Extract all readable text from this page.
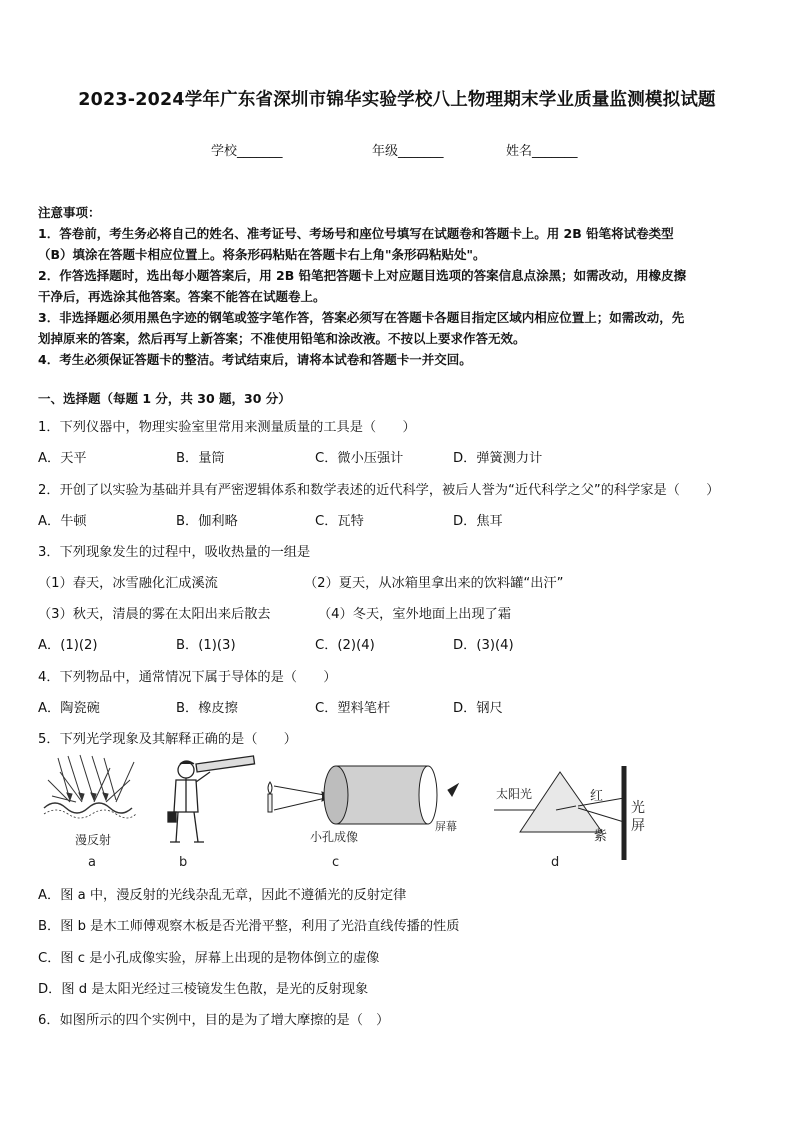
2023-2024学年广东省深圳市锦华实验学校八上物理期末学业质量监测模拟试题
学校_______	年级_______	姓名_______
注意事项：
1．答卷前，考生务必将自己的姓名、准考证号、考场号和座位号填写在试题卷和答题卡上。用 2B 铅笔将试卷类型
（B）填涂在答题卡相应位置上。将条形码粘贴在答题卡右上角"条形码粘贴处"。
2．作答选择题时，选出每小题答案后，用 2B 铅笔把答题卡上对应题目选项的答案信息点涂黑；如需改动，用橡皮擦
干净后，再选涂其他答案。答案不能答在试题卷上。
3．非选择题必须用黑色字迹的钢笔或签字笔作答，答案必须写在答题卡各题目指定区域内相应位置上；如需改动，先
划掉原来的答案，然后再写上新答案；不准使用铅笔和涂改液。不按以上要求作答无效。
4．考生必须保证答题卡的整洁。考试结束后，请将本试卷和答题卡一并交回。
一、选择题（每题 1 分，共 30 题，30 分）
1．下列仪器中，物理实验室里常用来测量质量的工具是（　　）
A．天平	B．量筒	C．微小压强计	D．弹簧测力计
2．开创了以实验为基础并具有严密逻辑体系和数学表述的近代科学，被后人誉为“近代科学之父”的科学家是（　　）
A．牛顿	B．伽利略	C．瓦特	D．焦耳
3．下列现象发生的过程中，吸收热量的一组是
（1）春天，冰雪融化汇成溪流	（2）夏天，从冰箱里拿出来的饮料罐“出汗”
（3）秋天，清晨的雾在太阳出来后散去	（4）冬天，室外地面上出现了霜
A．(1)(2)	B．(1)(3)	C．(2)(4)	D．(3)(4)
4．下列物品中，通常情况下属于导体的是（　　）
A．陶瓷碗	B．橡皮擦	C．塑料笔杆	D．钢尺
5．下列光学现象及其解释正确的是（　　）
漫反射
a	b
小孔成像
屏幕
c
太阳光	红
紫
光
屏
d
A．图 a 中，漫反射的光线杂乱无章，因此不遵循光的反射定律
B．图 b 是木工师傅观察木板是否光滑平整，利用了光沿直线传播的性质
C．图 c 是小孔成像实验，屏幕上出现的是物体倒立的虚像
D．图 d 是太阳光经过三棱镜发生色散，是光的反射现象
6．如图所示的四个实例中，目的是为了增大摩擦的是（　）
